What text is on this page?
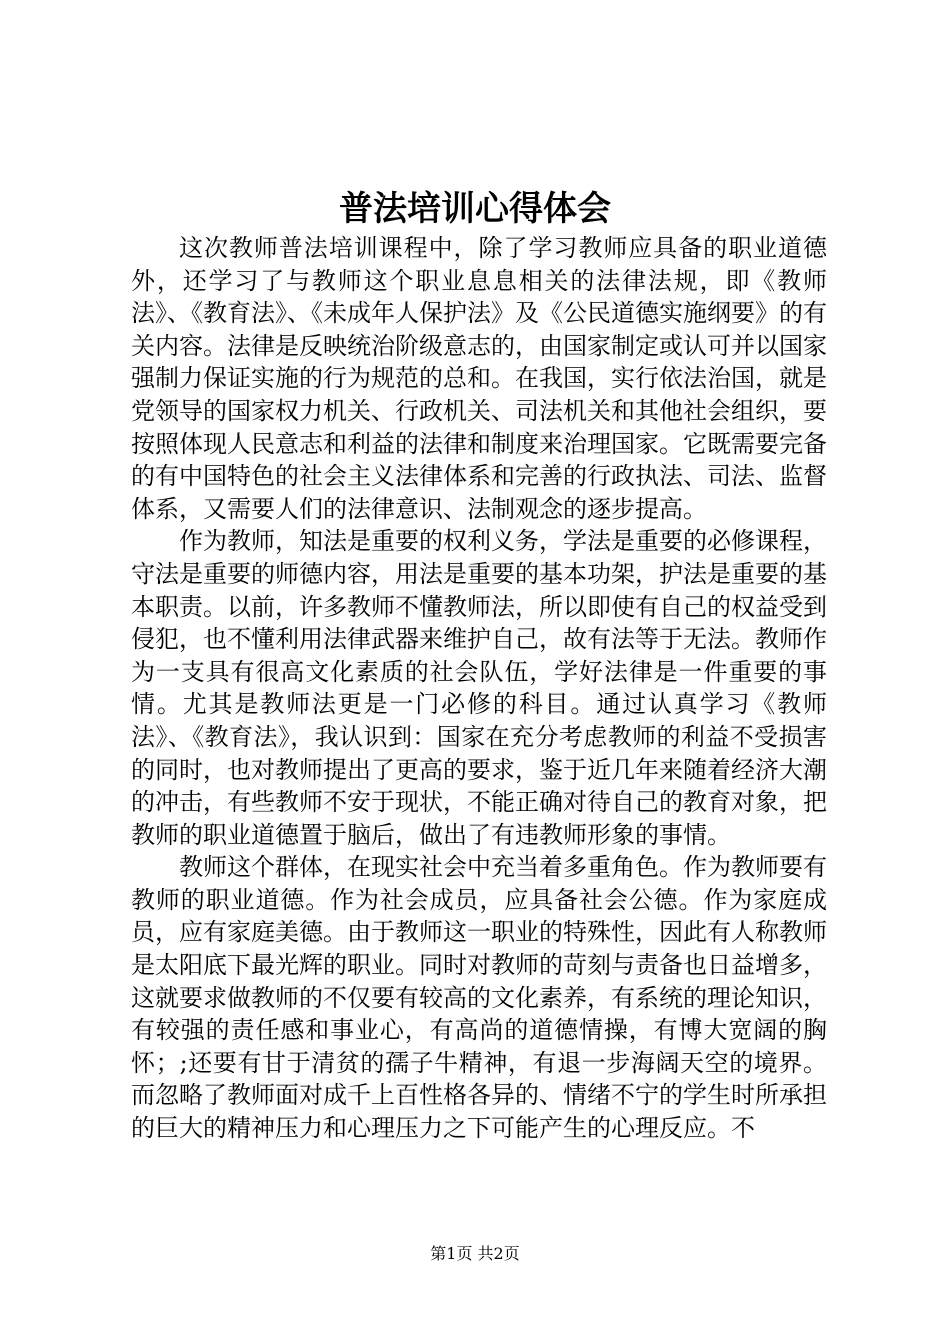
普法培训心得体会

这次教师普法培训课程中，除了学习教师应具备的职业道德外，还学习了与教师这个职业息息相关的法律法规，即《教师法》、《教育法》、《未成年人保护法》及《公民道德实施纲要》的有关内容。法律是反映统治阶级意志的，由国家制定或认可并以国家强制力保证实施的行为规范的总和。在我国，实行依法治国，就是党领导的国家权力机关、行政机关、司法机关和其他社会组织，要按照体现人民意志和利益的法律和制度来治理国家。它既需要完备的有中国特色的社会主义法律体系和完善的行政执法、司法、监督体系，又需要人们的法律意识、法制观念的逐步提高。

作为教师，知法是重要的权利义务，学法是重要的必修课程，守法是重要的师德内容，用法是重要的基本功架，护法是重要的基本职责。以前，许多教师不懂教师法，所以即使有自己的权益受到侵犯，也不懂利用法律武器来维护自己，故有法等于无法。教师作为一支具有很高文化素质的社会队伍，学好法律是一件重要的事情。尤其是教师法更是一门必修的科目。通过认真学习《教师法》、《教育法》，我认识到：国家在充分考虑教师的利益不受损害的同时，也对教师提出了更高的要求，鉴于近几年来随着经济大潮的冲击，有些教师不安于现状，不能正确对待自己的教育对象，把教师的职业道德置于脑后，做出了有违教师形象的事情。

教师这个群体，在现实社会中充当着多重角色。作为教师要有教师的职业道德。作为社会成员，应具备社会公德。作为家庭成员，应有家庭美德。由于教师这一职业的特殊性，因此有人称教师是太阳底下最光辉的职业。同时对教师的苛刻与责备也日益增多，这就要求做教师的不仅要有较高的文化素养，有系统的理论知识，有较强的责任感和事业心，有高尚的道德情操，有博大宽阔的胸怀；;还要有甘于清贫的孺子牛精神，有退一步海阔天空的境界。而忽略了教师面对成千上百性格各异的、情绪不宁的学生时所承担的巨大的精神压力和心理压力之下可能产生的心理反应。不

第1页 共2页
